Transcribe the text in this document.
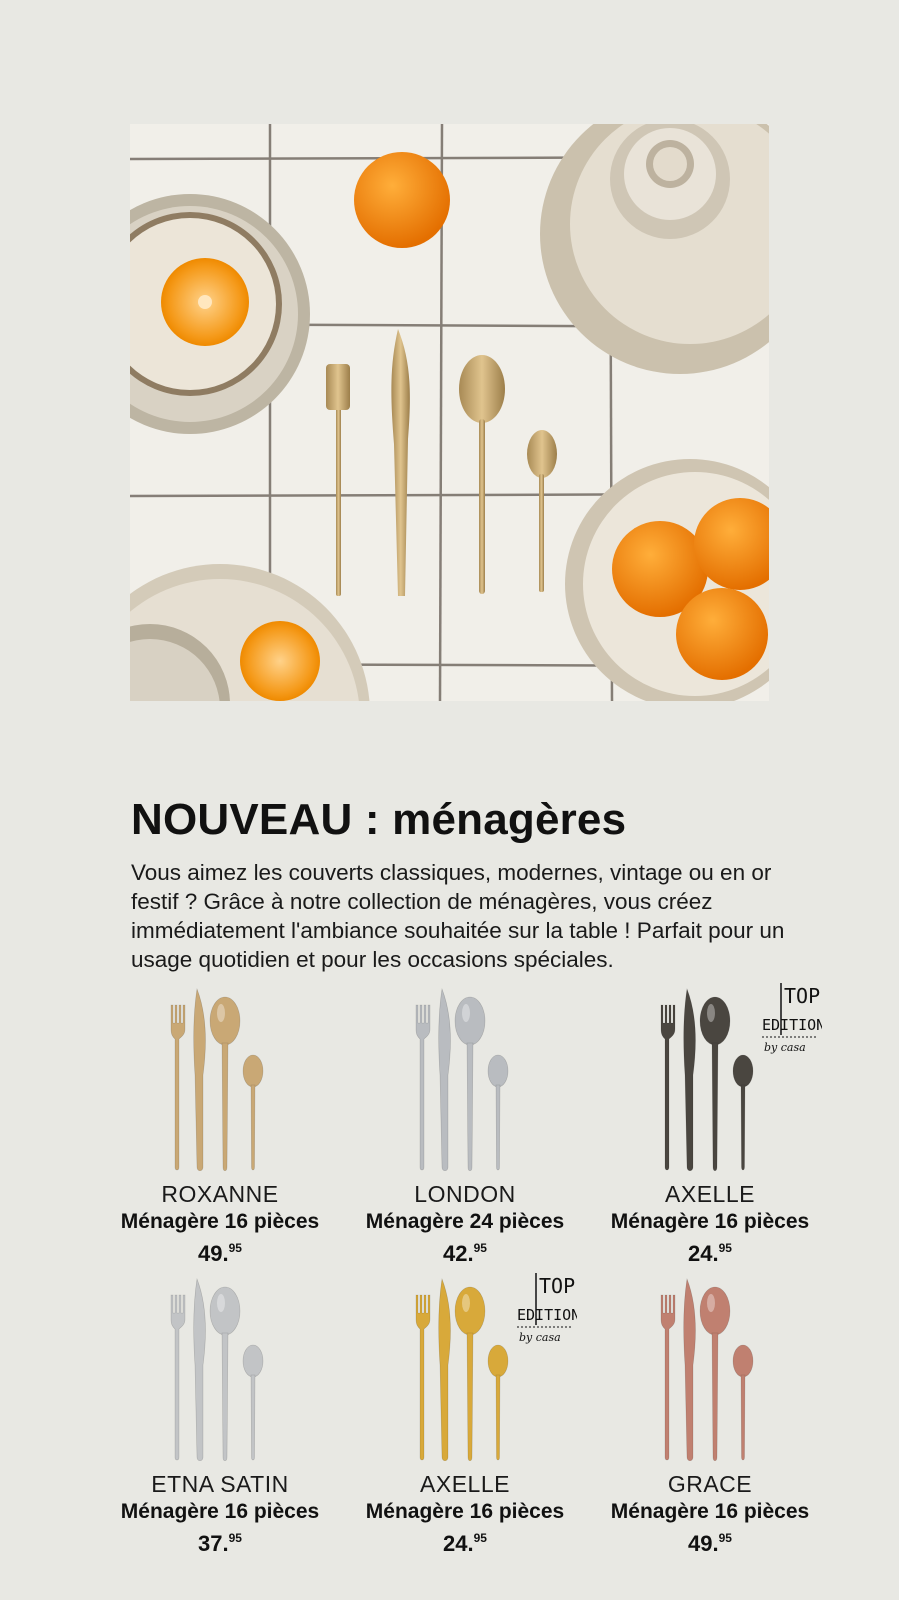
NOUVEAU : ménagères

Vous aimez les couverts classiques, modernes, vintage ou en or festif ? Grâce à notre collection de ménagères, vous créez immédiatement l'ambiance souhaitée sur la table ! Parfait pour un usage quotidien et pour les occasions spéciales.

ROXANNE
Ménagère 16 pièces
49.95
LONDON
Ménagère 24 pièces
42.95
AXELLE
Ménagère 16 pièces
24.95
TOP
EDITION
by casa
ETNA SATIN
Ménagère 16 pièces
37.95
AXELLE
Ménagère 16 pièces
24.95
TOP
EDITION
by casa
GRACE
Ménagère 16 pièces
49.95
